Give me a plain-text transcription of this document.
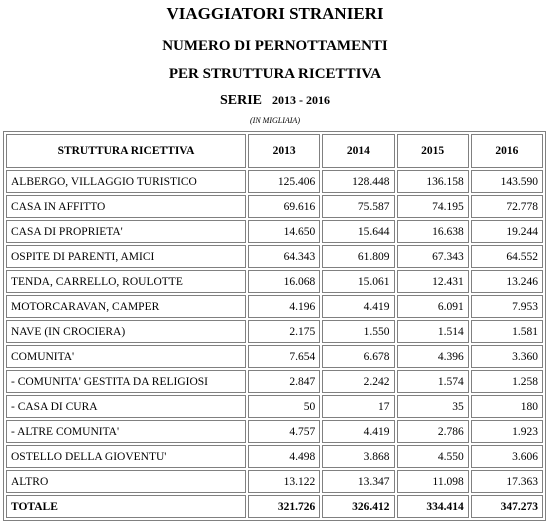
VIAGGIATORI STRANIERI
NUMERO DI PERNOTTAMENTI
PER STRUTTURA RICETTIVA
SERIE 2013 - 2016
(IN MIGLIAIA)
STRUTTURA RICETTIVA	2013	2014	2015	2016
ALBERGO, VILLAGGIO TURISTICO	125.406	128.448	136.158	143.590
CASA IN AFFITTO	69.616	75.587	74.195	72.778
CASA DI PROPRIETA'	14.650	15.644	16.638	19.244
OSPITE DI PARENTI, AMICI	64.343	61.809	67.343	64.552
TENDA, CARRELLO, ROULOTTE	16.068	15.061	12.431	13.246
MOTORCARAVAN, CAMPER	4.196	4.419	6.091	7.953
NAVE (IN CROCIERA)	2.175	1.550	1.514	1.581
COMUNITA'	7.654	6.678	4.396	3.360
- COMUNITA' GESTITA DA RELIGIOSI	2.847	2.242	1.574	1.258
- CASA DI CURA	50	17	35	180
- ALTRE COMUNITA'	4.757	4.419	2.786	1.923
OSTELLO DELLA GIOVENTU'	4.498	3.868	4.550	3.606
ALTRO	13.122	13.347	11.098	17.363
TOTALE	321.726	326.412	334.414	347.273
